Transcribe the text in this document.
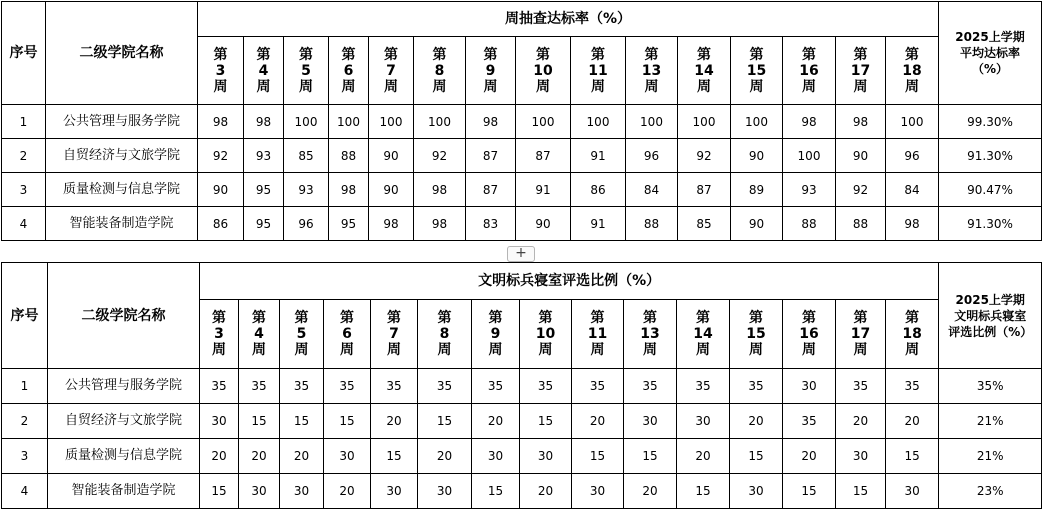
序号	二级学院名称	周抽查达标率（%）															2025上学期
平均达标率
（%）

		第
3
周	第
4
周	第
5
周	第
6
周	第
7
周	第
8
周	第
9
周	第
10
周	第
11
周	第
13
周	第
14
周	第
15
周	第
16
周	第
17
周	第
18
周	

1	公共管理与服务学院	98	98	100	100	100	100	98	100	100	100	100	100	98	98	100	99.30%
2	自贸经济与文旅学院	92	93	85	88	90	92	87	87	91	96	92	90	100	90	96	91.30%
3	质量检测与信息学院	90	95	93	98	90	98	87	91	86	84	87	89	93	92	84	90.47%
4	智能装备制造学院	86	95	96	95	98	98	83	90	91	88	85	90	88	88	98	91.30%
+
序号	二级学院名称	文明标兵寝室评选比例（%）															2025上学期
文明标兵寝室
评选比例（%）

		第
3
周	第
4
周	第
5
周	第
6
周	第
7
周	第
8
周	第
9
周	第
10
周	第
11
周	第
13
周	第
14
周	第
15
周	第
16
周	第
17
周	第
18
周	

1	公共管理与服务学院	35	35	35	35	35	35	35	35	35	35	35	35	30	35	35	35%
2	自贸经济与文旅学院	30	15	15	15	20	15	20	15	20	30	30	20	35	20	20	21%
3	质量检测与信息学院	20	20	20	30	15	20	30	30	15	15	20	15	20	30	15	21%
4	智能装备制造学院	15	30	30	20	30	30	15	20	30	20	15	30	15	15	30	23%
